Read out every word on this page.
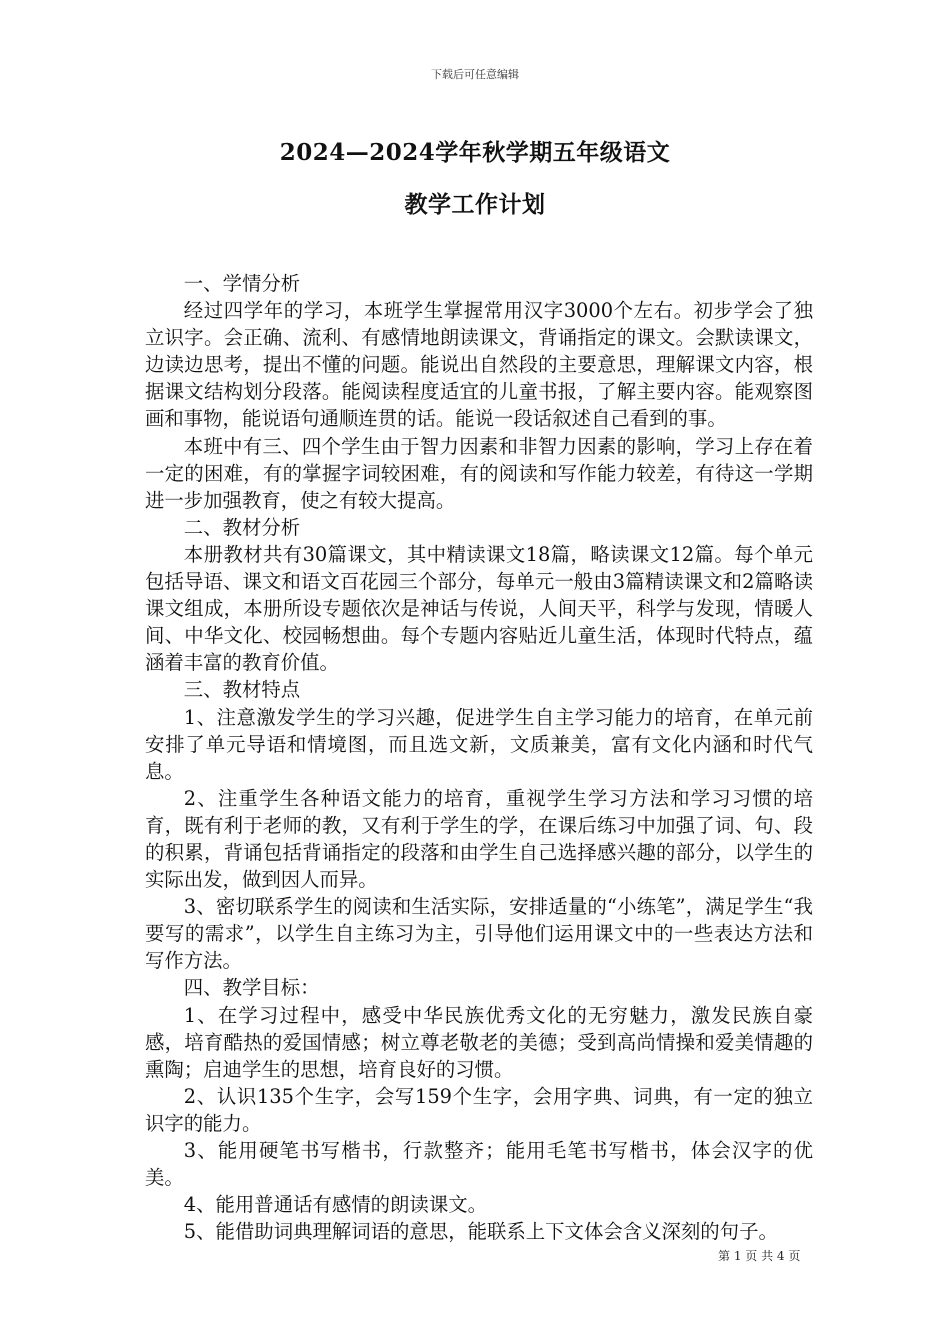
下载后可任意编辑
2024—2024学年秋学期五年级语文
教学工作计划

一、学情分析

经过四学年的学习，本班学生掌握常用汉字3000个左右。初步学会了独立识字。会正确、流利、有感情地朗读课文，背诵指定的课文。会默读课文，边读边思考，提出不懂的问题。能说出自然段的主要意思，理解课文内容，根据课文结构划分段落。能阅读程度适宜的儿童书报，了解主要内容。能观察图画和事物，能说语句通顺连贯的话。能说一段话叙述自己看到的事。

本班中有三、四个学生由于智力因素和非智力因素的影响，学习上存在着一定的困难，有的掌握字词较困难，有的阅读和写作能力较差，有待这一学期进一步加强教育，使之有较大提高。

二、教材分析

本册教材共有30篇课文，其中精读课文18篇，略读课文12篇。每个单元包括导语、课文和语文百花园三个部分，每单元一般由3篇精读课文和2篇略读课文组成，本册所设专题依次是神话与传说，人间天平，科学与发现，情暖人间、中华文化、校园畅想曲。每个专题内容贴近儿童生活，体现时代特点，蕴涵着丰富的教育价值。

三、教材特点

1、注意激发学生的学习兴趣，促进学生自主学习能力的培育，在单元前安排了单元导语和情境图，而且选文新，文质兼美，富有文化内涵和时代气息。

2、注重学生各种语文能力的培育，重视学生学习方法和学习习惯的培育，既有利于老师的教，又有利于学生的学，在课后练习中加强了词、句、段的积累，背诵包括背诵指定的段落和由学生自己选择感兴趣的部分，以学生的实际出发，做到因人而异。

3、密切联系学生的阅读和生活实际，安排适量的“小练笔”，满足学生“我要写的需求”，以学生自主练习为主，引导他们运用课文中的一些表达方法和写作方法。

四、教学目标：

1、在学习过程中，感受中华民族优秀文化的无穷魅力，激发民族自豪感，培育酷热的爱国情感；树立尊老敬老的美德；受到高尚情操和爱美情趣的熏陶；启迪学生的思想，培育良好的习惯。

2、认识135个生字，会写159个生字，会用字典、词典，有一定的独立识字的能力。

3、能用硬笔书写楷书，行款整齐；能用毛笔书写楷书，体会汉字的优美。

4、能用普通话有感情的朗读课文。

5、能借助词典理解词语的意思，能联系上下文体会含义深刻的句子。

第 1 页 共 4 页
